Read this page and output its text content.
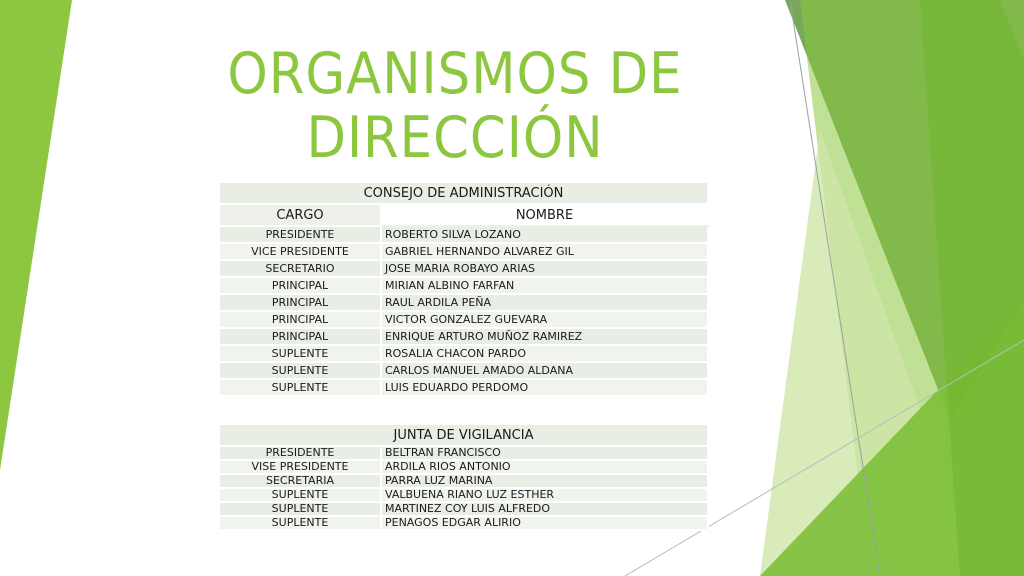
ORGANISMOS DE
DIRECCIÓN
CONSEJO DE ADMINISTRACIÓN	
CARGO	NOMBRE
PRESIDENTE	ROBERTO SILVA LOZANO
VICE PRESIDENTE	GABRIEL HERNANDO ALVAREZ GIL
SECRETARIO	JOSE MARIA ROBAYO ARIAS
PRINCIPAL	MIRIAN ALBINO FARFAN
PRINCIPAL	RAUL ARDILA PEÑA
PRINCIPAL	VICTOR GONZALEZ GUEVARA
PRINCIPAL	ENRIQUE ARTURO MUÑOZ RAMIREZ
SUPLENTE	ROSALIA CHACON PARDO
SUPLENTE	CARLOS MANUEL AMADO ALDANA
SUPLENTE	LUIS EDUARDO PERDOMO
JUNTA DE VIGILANCIA	
PRESIDENTE	BELTRAN FRANCISCO
VISE PRESIDENTE	ARDILA RIOS ANTONIO
SECRETARIA	PARRA LUZ MARINA
SUPLENTE	VALBUENA RIANO LUZ ESTHER
SUPLENTE	MARTINEZ COY LUIS ALFREDO
SUPLENTE	PENAGOS EDGAR ALIRIO
